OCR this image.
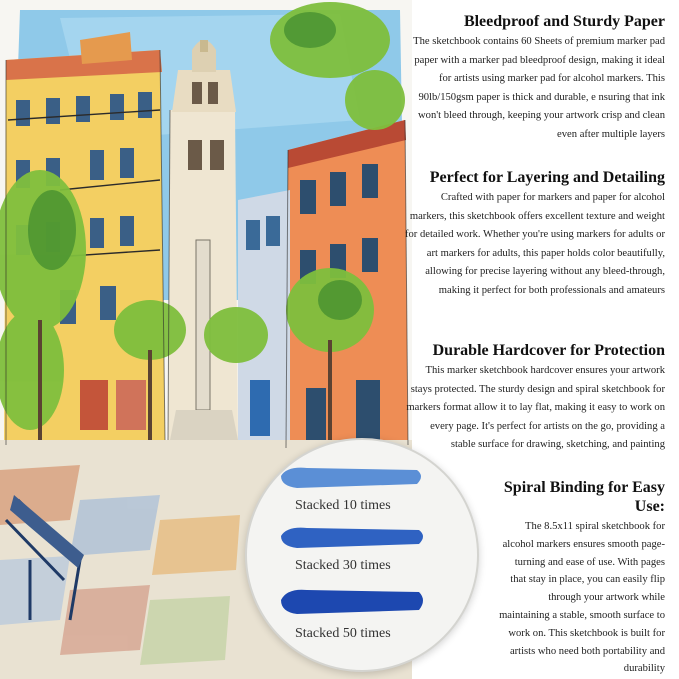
Bleedproof and Sturdy Paper

The sketchbook contains 60 Sheets of premium marker pad paper with a marker pad bleedproof design, making it ideal for artists using marker pad for alcohol markers. This 90lb/150gsm paper is thick and durable, e nsuring that ink won't bleed through, keeping your artwork crisp and clean even after multiple layers

Perfect for Layering and Detailing

Crafted with paper for markers and paper for alcohol markers, this sketchbook offers excellent texture and weight for detailed work. Whether you're using markers for adults or art markers for adults, this paper holds color beautifully, allowing for precise layering without any bleed-through, making it perfect for both professionals and amateurs

Durable Hardcover for Protection

This marker sketchbook hardcover ensures your artwork stays protected. The sturdy design and spiral sketchbook for markers format allow it to lay flat, making it easy to work on every page. It's perfect for artists on the go, providing a stable surface for drawing, sketching, and painting

Spiral Binding for Easy Use:

The 8.5x11 spiral sketchbook for alcohol markers ensures smooth page-turning and ease of use. With pages that stay in place, you can easily flip through your artwork while maintaining a stable, smooth surface to work on. This sketchbook is built for artists who need both portability and durability

Stacked 10 times
Stacked 30 times
Stacked 50 times
